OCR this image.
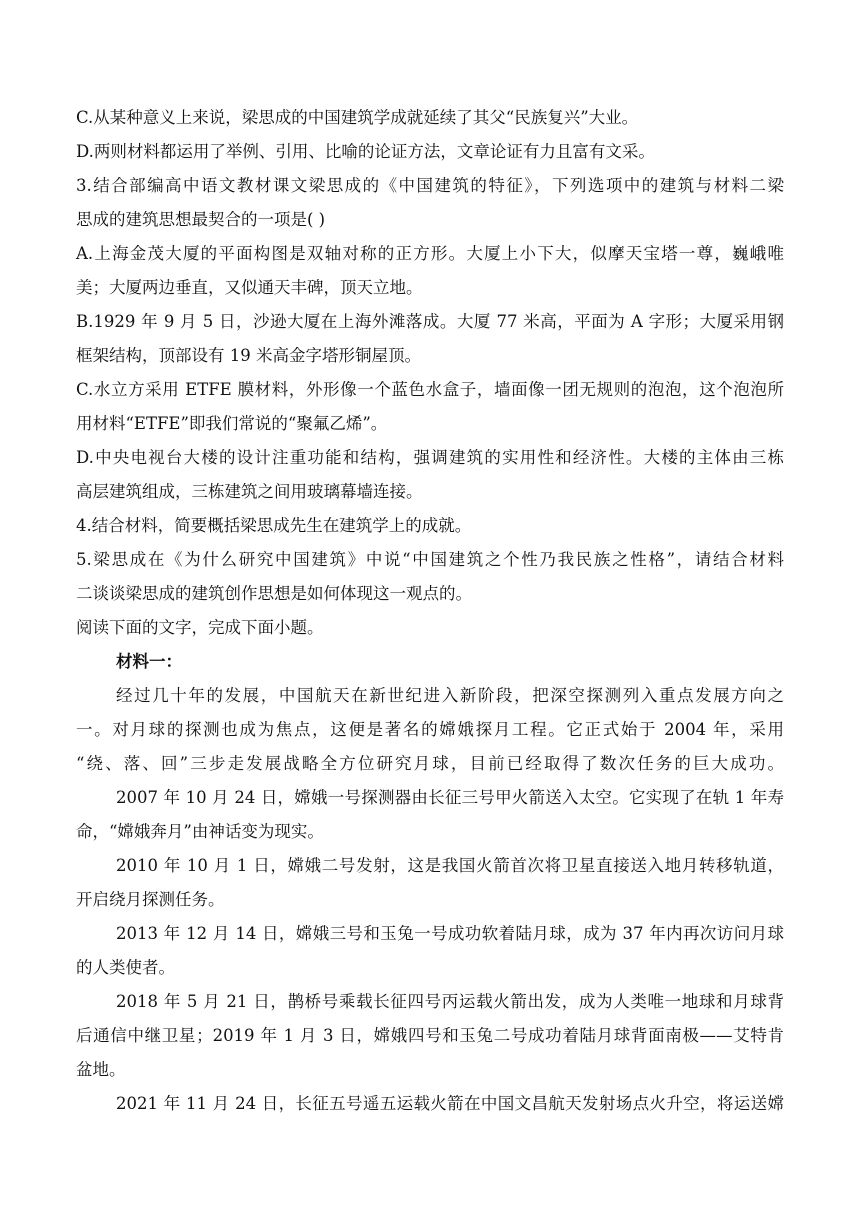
C.从某种意义上来说，梁思成的中国建筑学成就延续了其父“民族复兴”大业。
D.两则材料都运用了举例、引用、比喻的论证方法，文章论证有力且富有文采。
3.结合部编高中语文教材课文梁思成的《中国建筑的特征》，下列选项中的建筑与材料二梁
思成的建筑思想最契合的一项是( )
A.上海金茂大厦的平面构图是双轴对称的正方形。大厦上小下大，似摩天宝塔一尊，巍峨唯
美；大厦两边垂直，又似通天丰碑，顶天立地。
B.1929 年 9 月 5 日，沙逊大厦在上海外滩落成。大厦 77 米高，平面为 A 字形；大厦采用钢
框架结构，顶部设有 19 米高金字塔形铜屋顶。
C.水立方采用 ETFE 膜材料，外形像一个蓝色水盒子，墙面像一团无规则的泡泡，这个泡泡所
用材料“ETFE”即我们常说的“聚氟乙烯”。
D.中央电视台大楼的设计注重功能和结构，强调建筑的实用性和经济性。大楼的主体由三栋
高层建筑组成，三栋建筑之间用玻璃幕墙连接。
4.结合材料，简要概括梁思成先生在建筑学上的成就。
5.梁思成在《为什么研究中国建筑》中说“中国建筑之个性乃我民族之性格”，请结合材料
二谈谈梁思成的建筑创作思想是如何体现这一观点的。
阅读下面的文字，完成下面小题。
材料一：
经过几十年的发展，中国航天在新世纪进入新阶段，把深空探测列入重点发展方向之
一。对月球的探测也成为焦点，这便是著名的嫦娥探月工程。它正式始于 2004 年，采用
“绕、落、回”三步走发展战略全方位研究月球，目前已经取得了数次任务的巨大成功。
2007 年 10 月 24 日，嫦娥一号探测器由长征三号甲火箭送入太空。它实现了在轨 1 年寿
命，“嫦娥奔月”由神话变为现实。
2010 年 10 月 1 日，嫦娥二号发射，这是我国火箭首次将卫星直接送入地月转移轨道，
开启绕月探测任务。
2013 年 12 月 14 日，嫦娥三号和玉兔一号成功软着陆月球，成为 37 年内再次访问月球
的人类使者。
2018 年 5 月 21 日，鹊桥号乘载长征四号丙运载火箭出发，成为人类唯一地球和月球背
后通信中继卫星；2019 年 1 月 3 日，嫦娥四号和玉兔二号成功着陆月球背面南极——艾特肯
盆地。
2021 年 11 月 24 日，长征五号遥五运载火箭在中国文昌航天发射场点火升空，将运送嫦
